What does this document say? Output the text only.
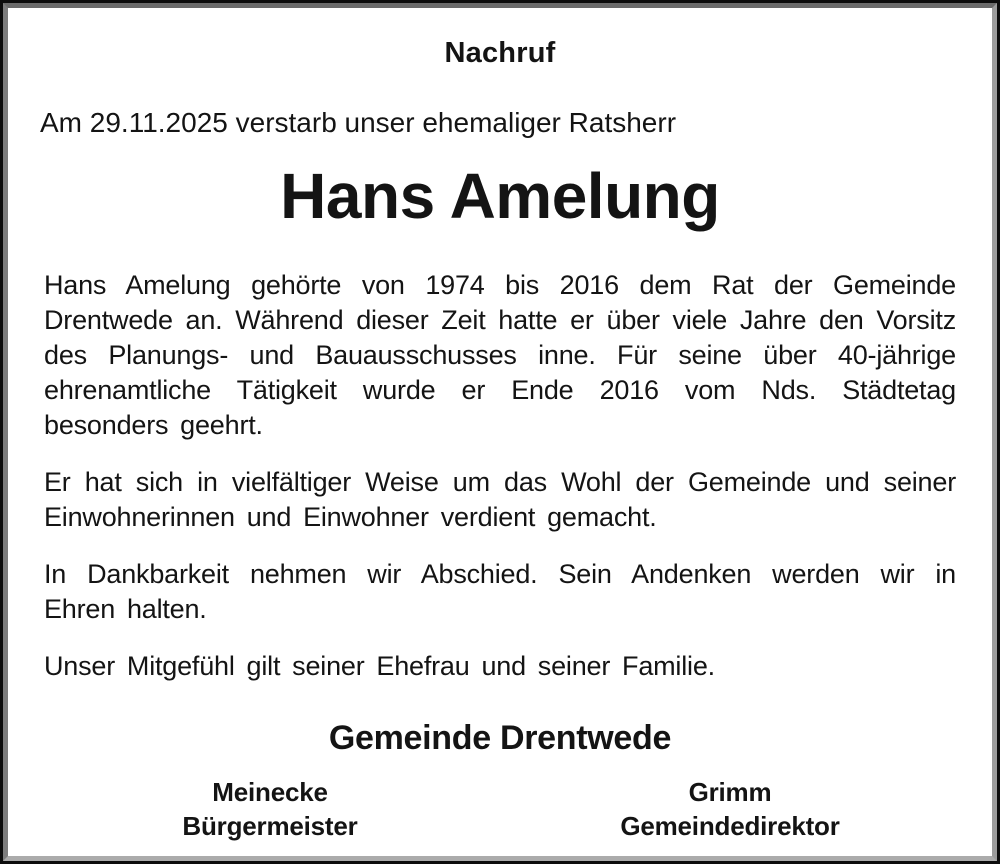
Nachruf

Am 29.11.2025 verstarb unser ehemaliger Ratsherr

Hans Amelung

Hans Amelung gehörte von 1974 bis 2016 dem Rat der Gemeinde Drentwede an. Während dieser Zeit hatte er über viele Jahre den Vorsitz des Planungs- und Bauausschusses inne. Für seine über 40-jährige ehrenamtliche Tätigkeit wurde er Ende 2016 vom Nds. Städtetag besonders geehrt.

Er hat sich in vielfältiger Weise um das Wohl der Gemeinde und seiner Einwohnerinnen und Einwohner verdient gemacht.

In Dankbarkeit nehmen wir Abschied. Sein Andenken werden wir in Ehren halten.

Unser Mitgefühl gilt seiner Ehefrau und seiner Familie.

Gemeinde Drentwede
Meinecke
Bürgermeister
Grimm
Gemeindedirektor
